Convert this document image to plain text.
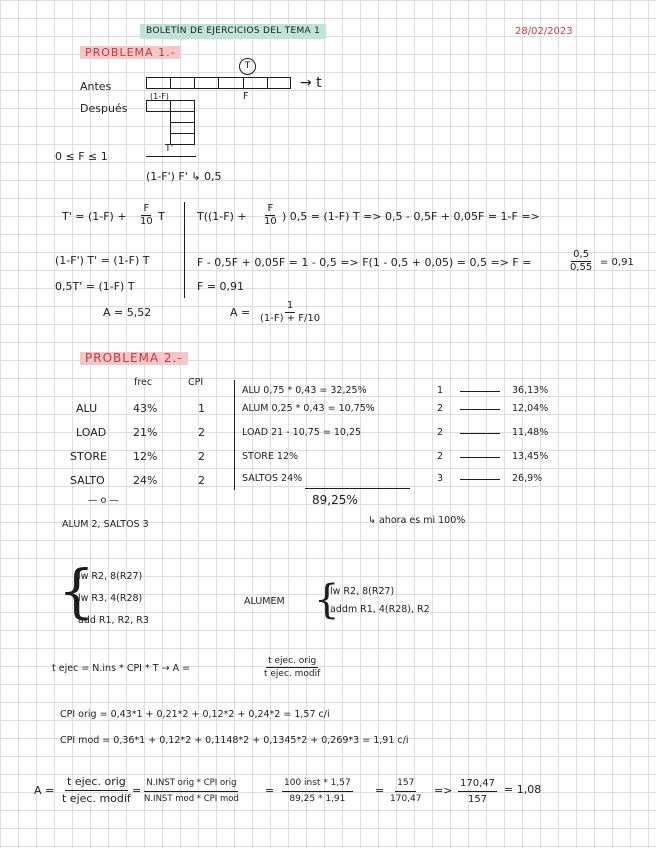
BOLETÍN DE EJERCICIOS DEL TEMA 1	28/02/2023
PROBLEMA 1.-
T
Antes	→ t
(1-F)	F
Después
0 ≤ F ≤ 1
T'
(1-F') F' ↳ 0,5
$T' = (1-F) + \frac{F}{10}$ T
(1-F') T' = (1-F) T
0,5T' = (1-F) T
$T((1-F) + \frac{F}{10}$ ) 0,5 = (1-F) T => 0,5 - 0,5F + 0,05F = 1-F =>
F - 0,5F + 0,05F = 1 - 0,5 => F(1 - 0,5 + 0,05) = 0,5 => F =	$\frac{0,5}{0,55} = 0,91$
F = 0,91
A = 5,52	$A = \frac{1}{(1-F) + F/10}$
PROBLEMA 2.-
frec	CPI
ALU	43%	1
LOAD 21%	2
STORE 12%	2
SALTO	24%	2
ALU 0,75 * 0,43 = 32,25%	1	36,13%
ALUM 0,25 * 0,43 = 10,75%	2	12,04%
LOAD 21 - 10,75 = 10,25	2	11,48%
STORE 12%	2	13,45%
SALTOS 24%	3	26,9%
89,25%
↳ ahora es mi 100%
— o —
ALUM 2, SALTOS 3
{
lw R2, 8(R27)
lw R3, 4(R28)
add R1, R2, R3
ALUMEM {
lw R2, 8(R27)
addm R1, 4(R28), R2
t ejec = N.ins * CPI * T → A =
t ejec. orig
t ejec. modif
CPI orig = 0,43*1 + 0,21*2 + 0,12*2 + 0,24*2 = 1,57 c/i
CPI mod = 0,36*1 + 0,12*2 + 0,1148*2 + 0,1345*2 + 0,269*3 = 1,91 c/i
A =
t ejec. orig
t ejec. modif
=
N.INST orig * CPI orig
N.INST mod * CPI mod
=
100 inst * 1,57
89,25 * 1,91
= $\frac{157}{170,47} => \frac{170,47}{157} = 1,08$
